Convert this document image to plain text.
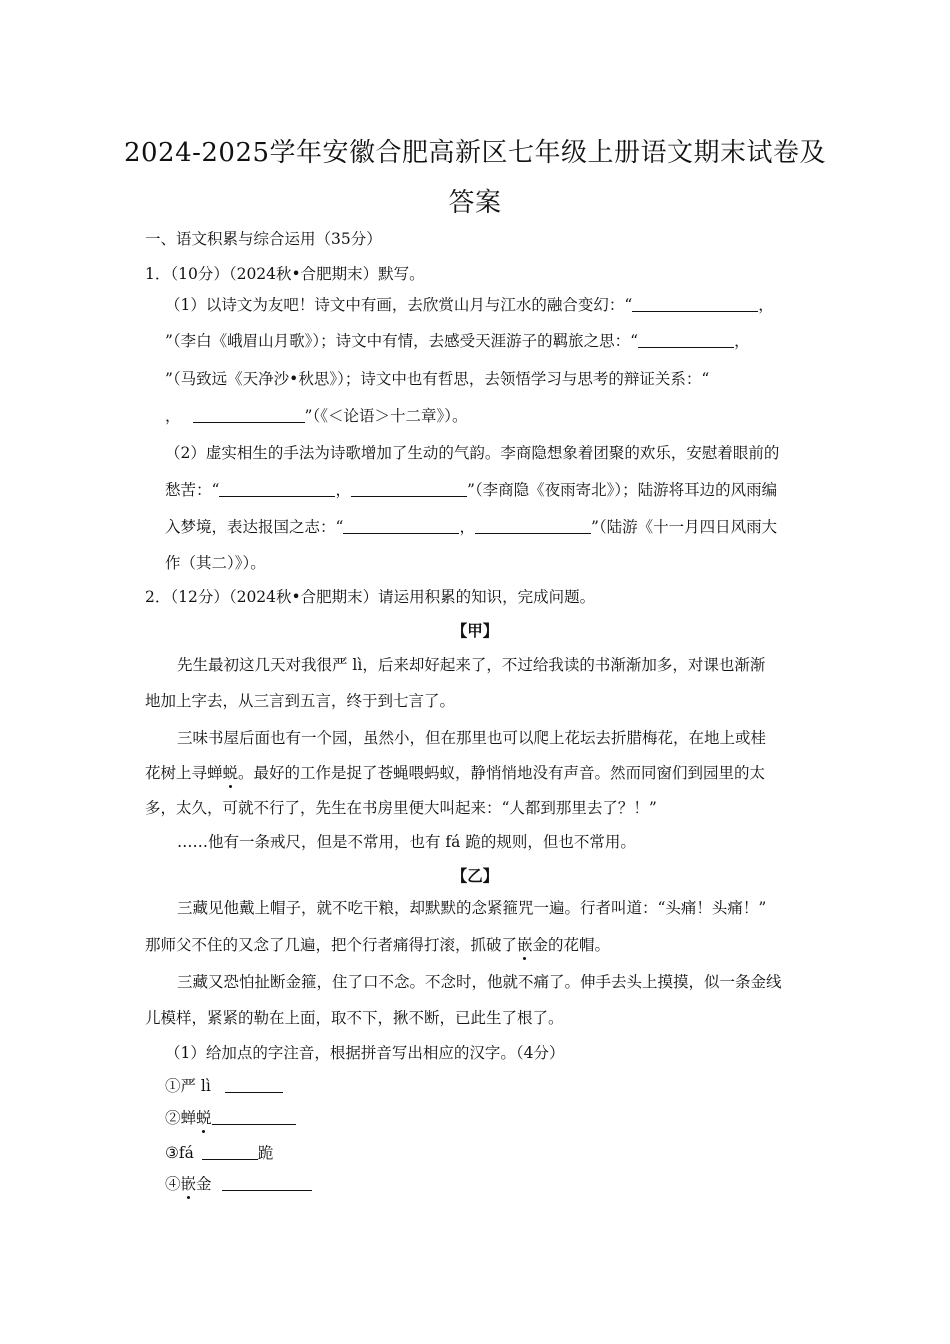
2024-2025学年安徽合肥高新区七年级上册语文期末试卷及
答案
一、语文积累与综合运用（35分）
1．（10分）（2024秋•合肥期末）默写。
（1）以诗文为友吧！诗文中有画，去欣赏山月与江水的融合变幻：“	，
”（李白《峨眉山月歌》）；诗文中有情，去感受天涯游子的羁旅之思：“	，
”（马致远《天净沙•秋思》）；诗文中也有哲思，去领悟学习与思考的辩证关系：“
，	”（《＜论语＞十二章》）。
（2）虚实相生的手法为诗歌增加了生动的气韵。李商隐想象着团聚的欢乐，安慰着眼前的
愁苦：“	，	”（李商隐《夜雨寄北》）；陆游将耳边的风雨编
入梦境，表达报国之志：“	，	”（陆游《十一月四日风雨大
作（其二）》）。
2．（12分）（2024秋•合肥期末）请运用积累的知识，完成问题。
【甲】
先生最初这几天对我很严 lì，后来却好起来了，不过给我读的书渐渐加多，对课也渐渐
地加上字去，从三言到五言，终于到七言了。
三味书屋后面也有一个园，虽然小，但在那里也可以爬上花坛去折腊梅花，在地上或桂
花树上寻蝉蜕。最好的工作是捉了苍蝇喂蚂蚁，静悄悄地没有声音。然而同窗们到园里的太
多，太久，可就不行了，先生在书房里便大叫起来：“人都到那里去了？！”
……他有一条戒尺，但是不常用，也有 fá 跪的规则，但也不常用。
【乙】
三藏见他戴上帽子，就不吃干粮，却默默的念紧箍咒一遍。行者叫道：“头痛！头痛！”
那师父不住的又念了几遍，把个行者痛得打滚，抓破了嵌金的花帽。
三藏又恐怕扯断金箍，住了口不念。不念时，他就不痛了。伸手去头上摸摸，似一条金线
儿模样，紧紧的勒在上面，取不下，揪不断，已此生了根了。
（1）给加点的字注音，根据拼音写出相应的汉字。（4分）
①严 lì
②蝉蜕
③fá	跪
④嵌金
